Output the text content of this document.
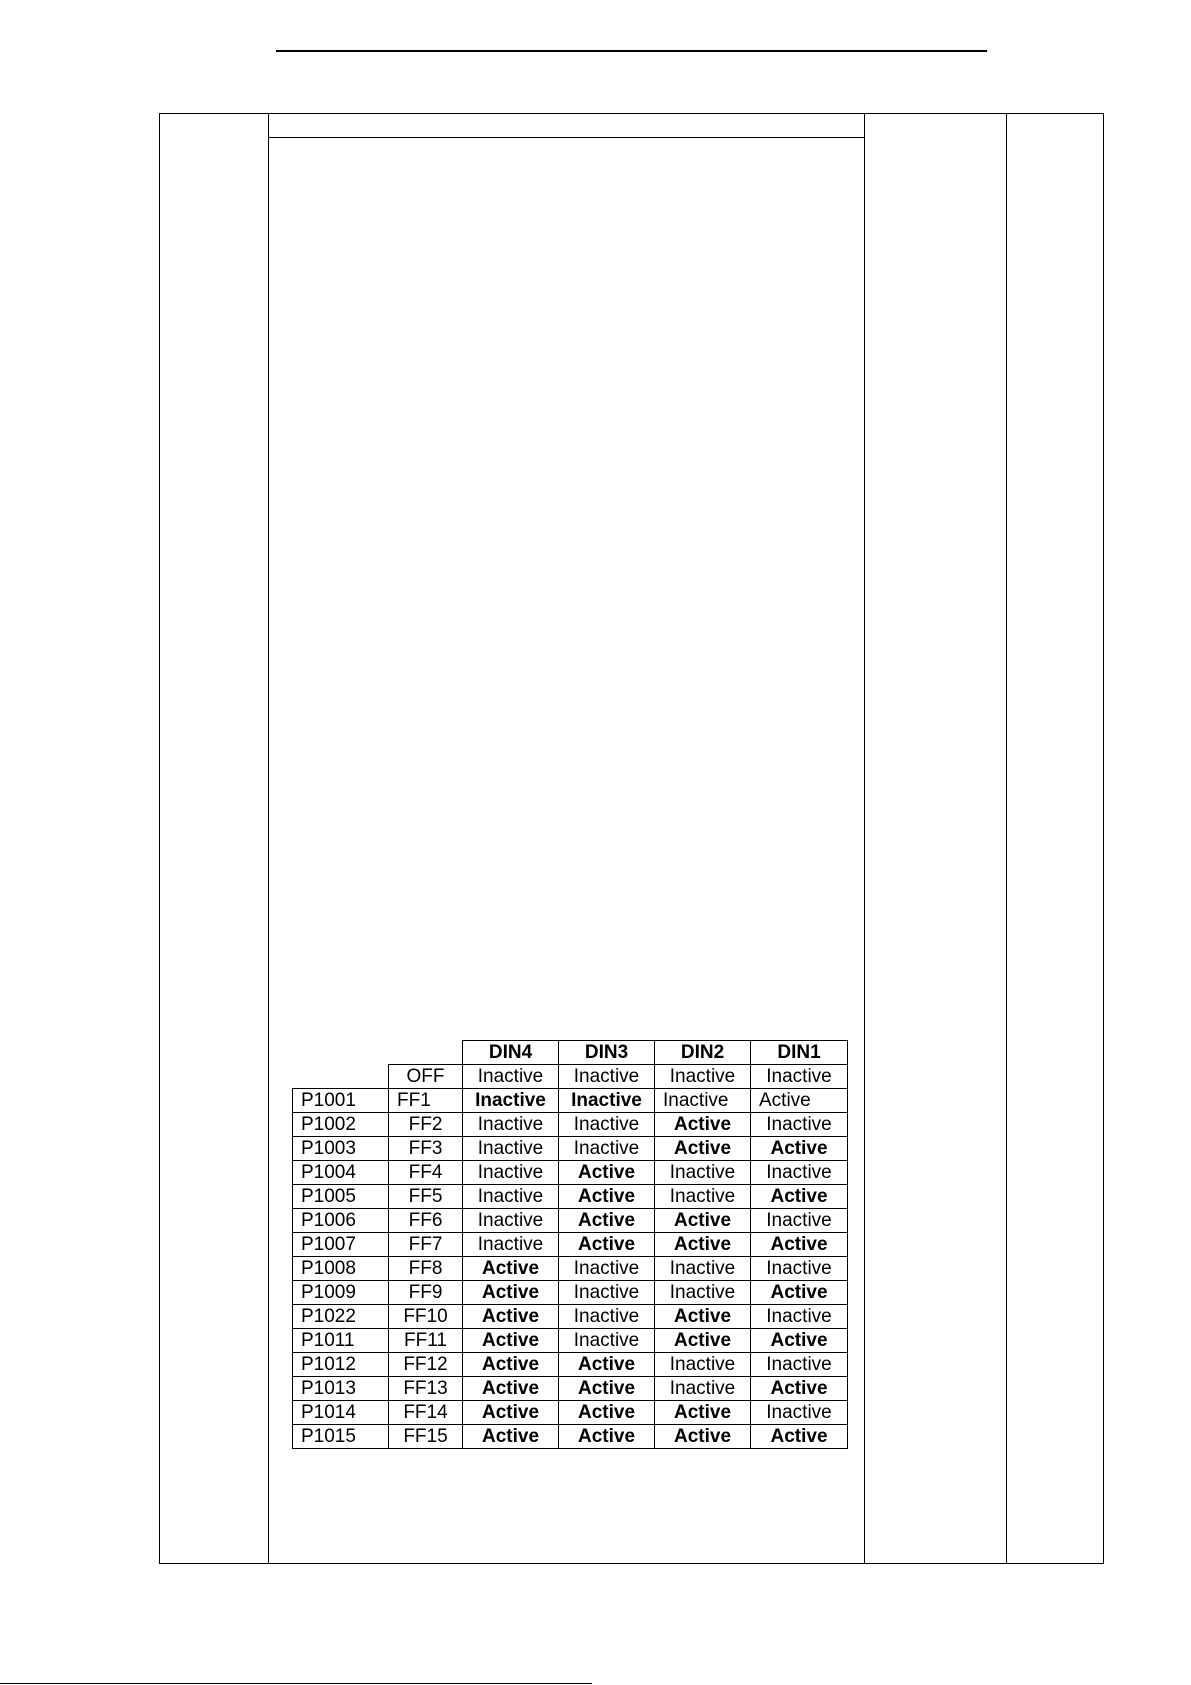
		DIN4	DIN3	DIN2	DIN1
	OFF	Inactive	Inactive	Inactive	Inactive
P1001	FF1	Inactive	Inactive	Inactive	Active
P1002	FF2	Inactive	Inactive	Active	Inactive
P1003	FF3	Inactive	Inactive	Active	Active
P1004	FF4	Inactive	Active	Inactive	Inactive
P1005	FF5	Inactive	Active	Inactive	Active
P1006	FF6	Inactive	Active	Active	Inactive
P1007	FF7	Inactive	Active	Active	Active
P1008	FF8	Active	Inactive	Inactive	Inactive
P1009	FF9	Active	Inactive	Inactive	Active
P1022	FF10	Active	Inactive	Active	Inactive
P1011	FF11	Active	Inactive	Active	Active
P1012	FF12	Active	Active	Inactive	Inactive
P1013	FF13	Active	Active	Inactive	Active
P1014	FF14	Active	Active	Active	Inactive
P1015	FF15	Active	Active	Active	Active
